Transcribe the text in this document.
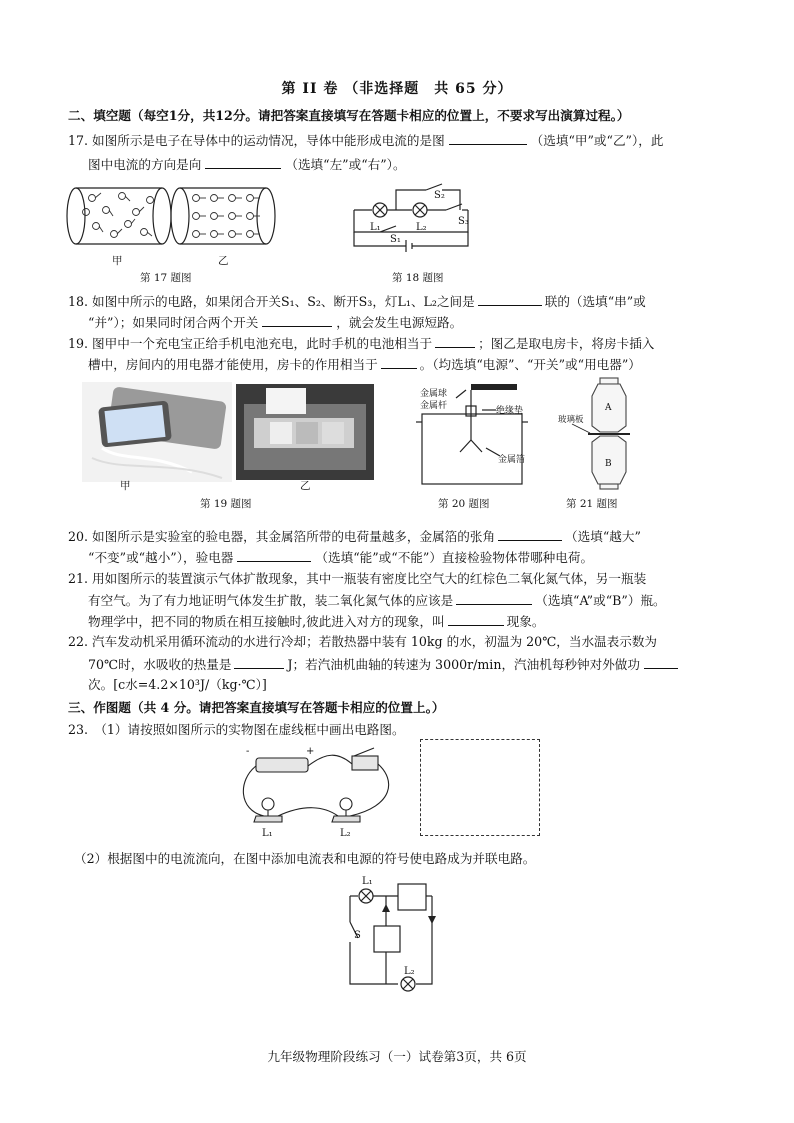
第 II 卷 （非选择题　共 65 分）
二、填空题（每空1分，共12分。请把答案直接填写在答题卡相应的位置上，不要求写出演算过程。）
17. 如图所示是电子在导体中的运动情况，导体中能形成电流的是图	（选填“甲”或“乙”），此
图中电流的方向是向	（选填“左”或“右”）。
甲	乙
第 17 题图
L₁	L₂
S₂
S₃
S₁
第 18 题图
18. 如图中所示的电路，如果闭合开关S₁、S₂、断开S₃，灯L₁、L₂之间是	联的（选填“串”或
“并”）；如果同时闭合两个开关	，就会发生电源短路。
19. 图甲中一个充电宝正给手机电池充电，此时手机的电池相当于	；图乙是取电房卡，将房卡插入
槽中，房间内的用电器才能使用，房卡的作用相当于	。（均选填“电源”、“开关”或“用电器”）
甲	乙
第 19 题图
金属球
金属杆	绝缘垫
金属箔
第 20 题图
玻璃板
A
B
第 21 题图
20. 如图所示是实验室的验电器，其金属箔所带的电荷量越多，金属箔的张角	（选填“越大”
“不变”或“越小”），验电器	（选填“能”或“不能”）直接检验物体带哪种电荷。
21. 用如图所示的装置演示气体扩散现象，其中一瓶装有密度比空气大的红棕色二氧化氮气体，另一瓶装
有空气。为了有力地证明气体发生扩散，装二氧化氮气体的应该是	（选填“A”或“B”）瓶。
物理学中，把不同的物质在相互接触时,彼此进入对方的现象，叫	现象。
22. 汽车发动机采用循环流动的水进行冷却；若散热器中装有 10kg 的水，初温为 20℃，当水温表示数为
70℃时，水吸收的热量是	J；若汽油机曲轴的转速为 3000r/min，汽油机每秒钟对外做功
次。[c水=4.2×10³J/（kg·℃）]
三、作图题（共 4 分。请把答案直接填写在答题卡相应的位置上。）
23.　（1）请按照如图所示的实物图在虚线框中画出电路图。
-	+
L₁	L₂
（2）根据图中的电流流向，在图中添加电流表和电源的符号使电路成为并联电路。
L₁
L₂
S
九年级物理阶段练习（一）试卷第3页，共 6页
